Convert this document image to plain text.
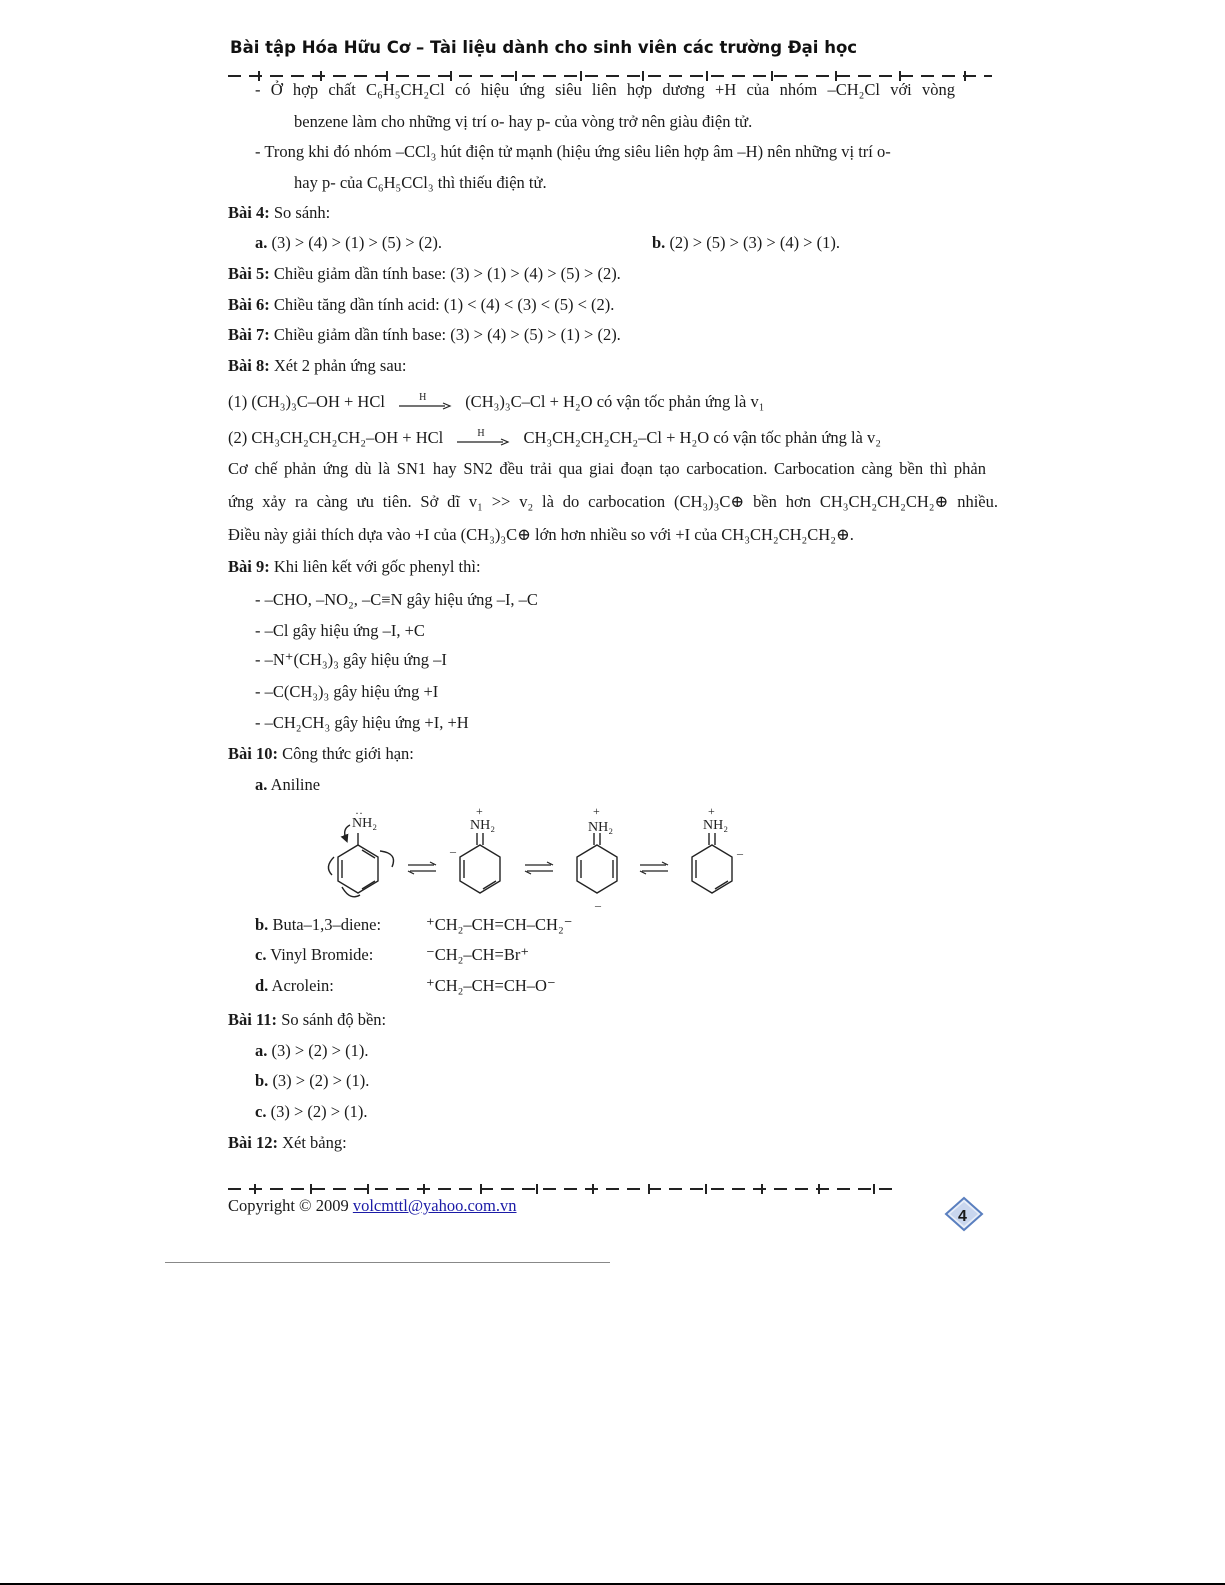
Bài tập Hóa Hữu Cơ – Tài liệu dành cho sinh viên các trường Đại học
- Ở hợp chất C₆H₅CH₂Cl có hiệu ứng siêu liên hợp dương +H của nhóm –CH₂Cl với vòng
benzene làm cho những vị trí o- hay p- của vòng trở nên giàu điện tử.
- Trong khi đó nhóm –CCl₃ hút điện tử mạnh (hiệu ứng siêu liên hợp âm –H) nên những vị trí o-
hay p- của C₆H₅CCl₃ thì thiếu điện tử.
Bài 4: So sánh:
a. (3) > (4) > (1) > (5) > (2).	b. (2) > (5) > (3) > (4) > (1).
Bài 5: Chiều giảm dần tính base: (3) > (1) > (4) > (5) > (2).
Bài 6: Chiều tăng dần tính acid: (1) < (4) < (3) < (5) < (2).
Bài 7: Chiều giảm dần tính base: (3) > (4) > (5) > (1) > (2).
Bài 8: Xét 2 phản ứng sau:
(1) (CH₃)₃C–OH + HCl	H (CH₃)₃C–Cl + H₂O có vận tốc phản ứng là v₁
(2) CH₃CH₂CH₂CH₂–OH + HCl	H CH₃CH₂CH₂CH₂–Cl + H₂O có vận tốc phản ứng là v₂
Cơ chế phản ứng dù là SN1 hay SN2 đều trải qua giai đoạn tạo carbocation. Carbocation càng bền thì phản
ứng xảy ra càng ưu tiên. Sở dĩ v₁ >> v₂ là do carbocation (CH₃)₃C⊕ bền hơn CH₃CH₂CH₂CH₂⊕ nhiều.
Điều này giải thích dựa vào +I của (CH₃)₃C⊕ lớn hơn nhiều so với +I của CH₃CH₂CH₂CH₂⊕.
Bài 9: Khi liên kết với gốc phenyl thì:
- –CHO, –NO₂, –C≡N gây hiệu ứng –I, –C
- –Cl gây hiệu ứng –I, +C
- –N⁺(CH₃)₃ gây hiệu ứng –I
- –C(CH₃)₃ gây hiệu ứng +I
- –CH₂CH₃ gây hiệu ứng +I, +H
Bài 10: Công thức giới hạn:
a. Aniline
NH₂
··
NH₂
+
–
NH₂
+
–
NH₂
+
–
b. Buta–1,3–diene:	⁺CH₂–CH=CH–CH₂⁻
c. Vinyl Bromide:	⁻CH₂–CH=Br⁺
d. Acrolein:	⁺CH₂–CH=CH–O⁻
Bài 11: So sánh độ bền:
a. (3) > (2) > (1).
b. (3) > (2) > (1).
c. (3) > (2) > (1).
Bài 12: Xét bảng:
Copyright © 2009 volcmttl@yahoo.com.vn
4
